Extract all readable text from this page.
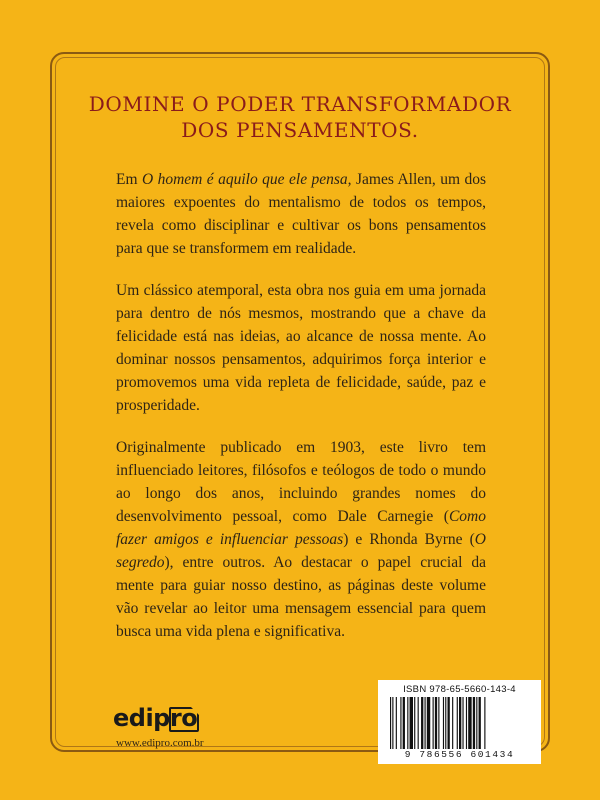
DOMINE O PODER TRANSFORMADOR
DOS PENSAMENTOS.

Em O homem é aquilo que ele pensa, James Allen, um dos maiores expoentes do mentalismo de todos os tempos, revela como disciplinar e cultivar os bons pensamentos para que se transformem em realidade.

Um clássico atemporal, esta obra nos guia em uma jornada para dentro de nós mesmos, mostrando que a chave da felicidade está nas ideias, ao alcance de nossa mente. Ao dominar nossos pensamentos, adquirimos força interior e promovemos uma vida repleta de felicidade, saúde, paz e prosperidade.

Originalmente publicado em 1903, este livro tem influenciado leitores, filósofos e teólogos de todo o mundo ao longo dos anos, incluindo grandes nomes do desenvolvimento pessoal, como Dale Carnegie (Como fazer amigos e influenciar pessoas) e Rhonda Byrne (O segredo), entre outros. Ao destacar o papel crucial da mente para guiar nosso destino, as páginas deste volume vão revelar ao leitor uma mensagem essencial para quem busca uma vida plena e significativa.

edipro
www.edipro.com.br
ISBN 978-65-5660-143-4
9 786556 601434
